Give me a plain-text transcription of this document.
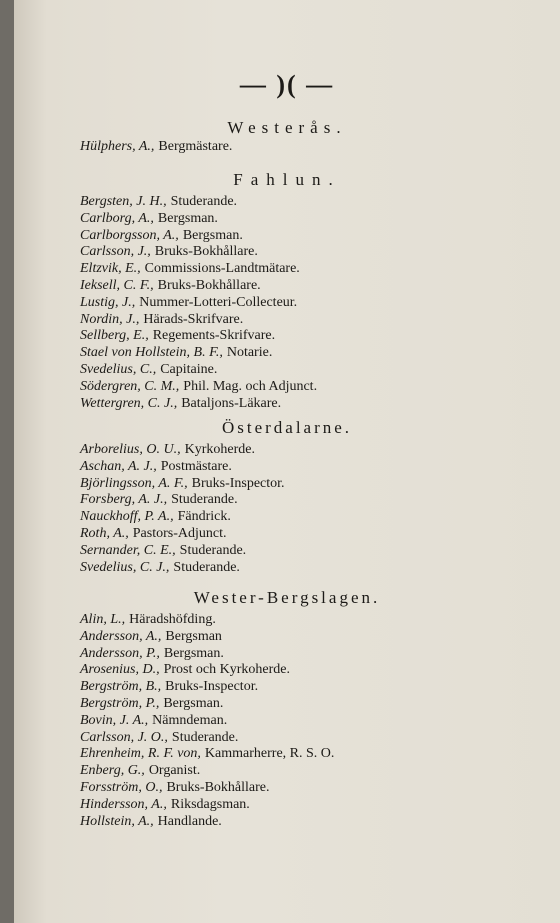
— )( —
Westerås.
Hülphers, A., Bergmästare.
Fahlun.
Bergsten, J. H., Studerande.
Carlborg, A., Bergsman.
Carlborgsson, A., Bergsman.
Carlsson, J., Bruks-Bokhållare.
Eltzvik, E., Commissions-Landtmätare.
Ieksell, C. F., Bruks-Bokhållare.
Lustig, J., Nummer-Lotteri-Collecteur.
Nordin, J., Härads-Skrifvare.
Sellberg, E., Regements-Skrifvare.
Stael von Hollstein, B. F., Notarie.
Svedelius, C., Capitaine.
Södergren, C. M., Phil. Mag. och Adjunct.
Wettergren, C. J., Bataljons-Läkare.
Österdalarne.
Arborelius, O. U., Kyrkoherde.
Aschan, A. J., Postmästare.
Björlingsson, A. F., Bruks-Inspector.
Forsberg, A. J., Studerande.
Nauckhoff, P. A., Fändrick.
Roth, A., Pastors-Adjunct.
Sernander, C. E., Studerande.
Svedelius, C. J., Studerande.
Wester-Bergslagen.
Alin, L., Häradshöfding.
Andersson, A., Bergsman
Andersson, P., Bergsman.
Arosenius, D., Prost och Kyrkoherde.
Bergström, B., Bruks-Inspector.
Bergström, P., Bergsman.
Bovin, J. A., Nämndeman.
Carlsson, J. O., Studerande.
Ehrenheim, R. F. von, Kammarherre, R. S. O.
Enberg, G., Organist.
Forsström, O., Bruks-Bokhållare.
Hindersson, A., Riksdagsman.
Hollstein, A., Handlande.
